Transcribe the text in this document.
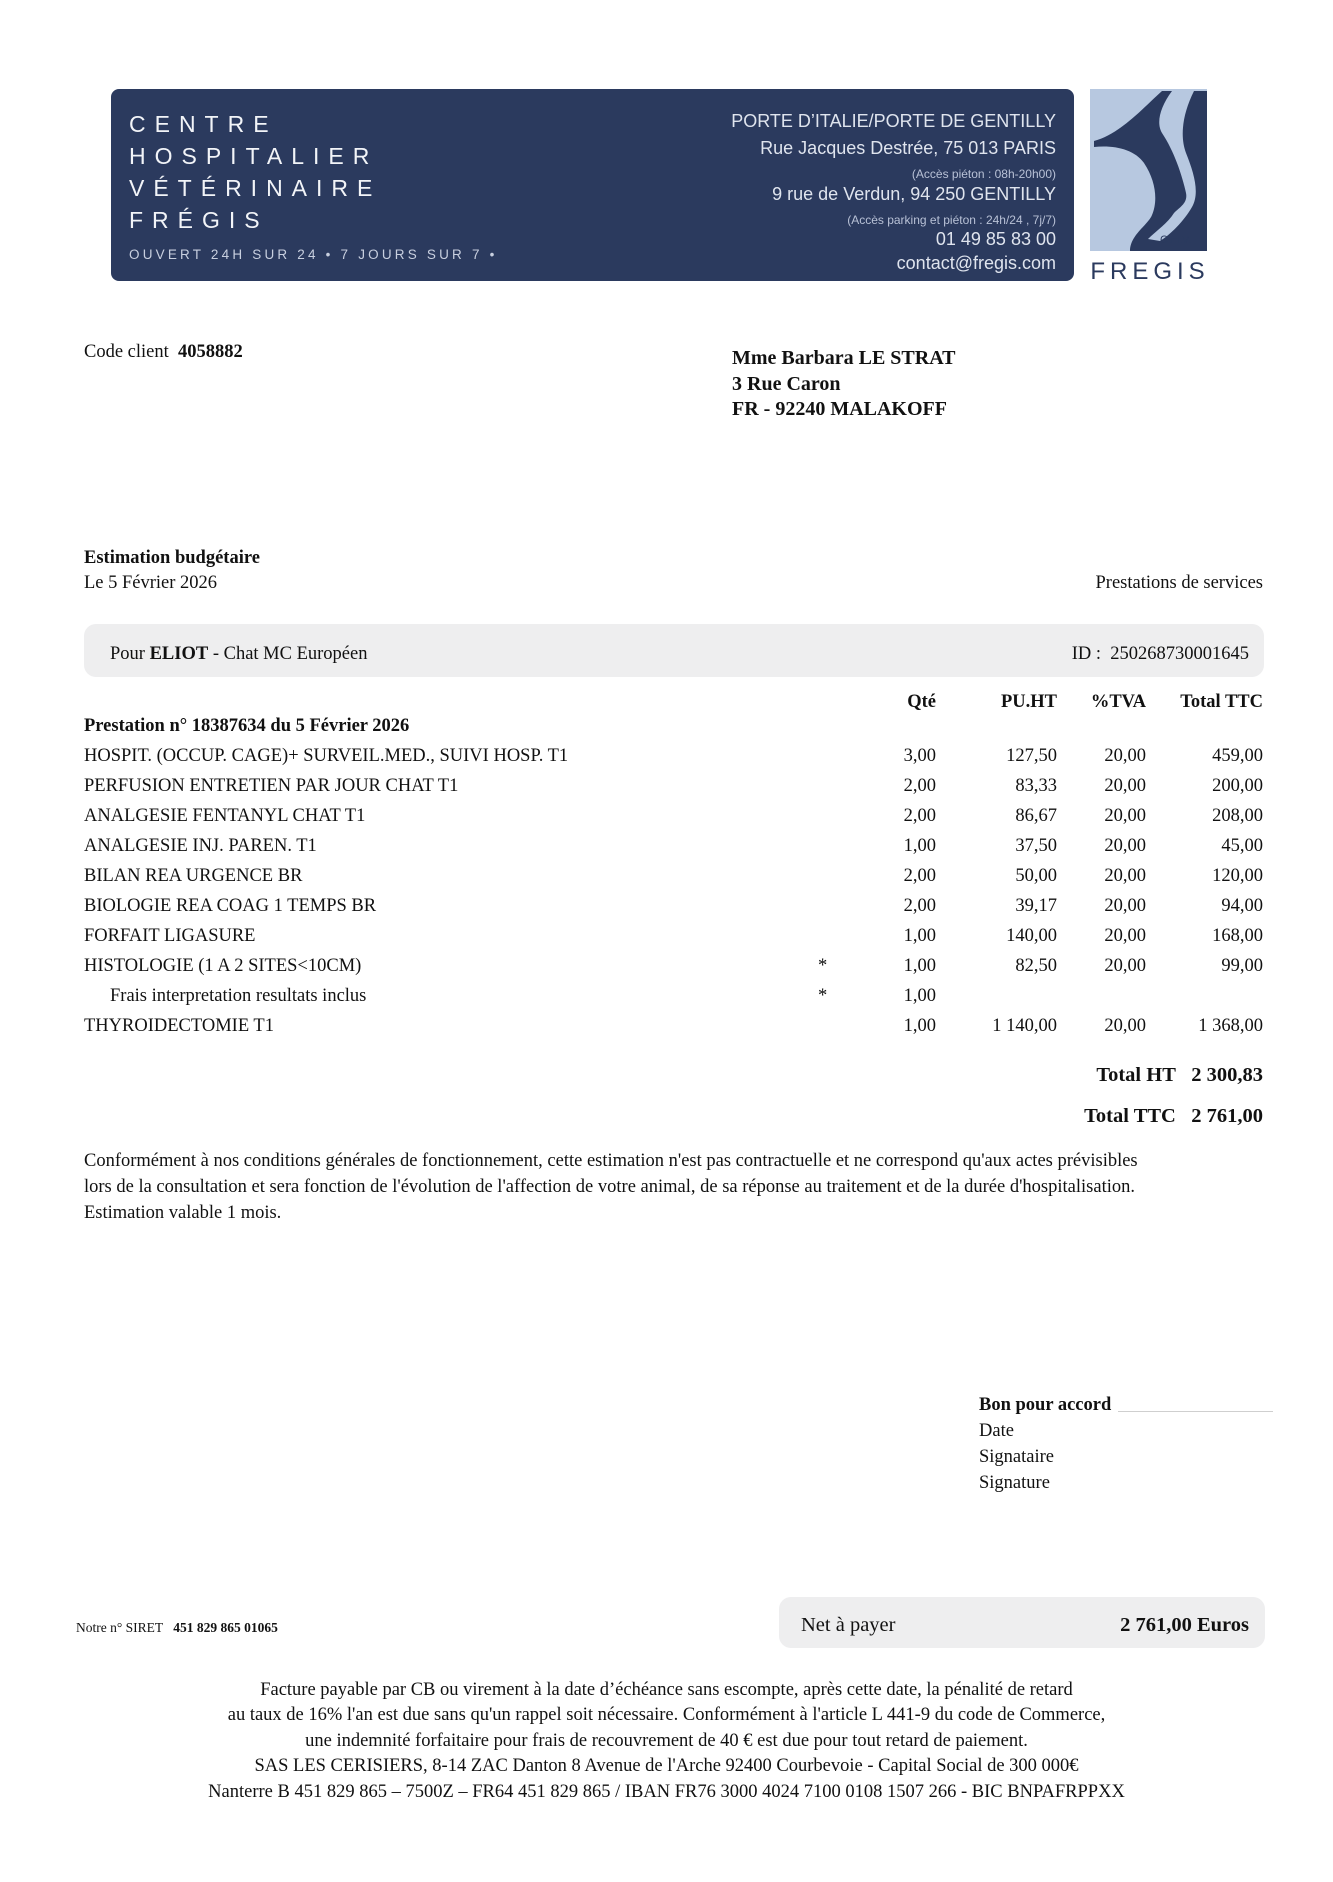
CENTRE
HOSPITALIER
VÉTÉRINAIRE
FRÉGIS
OUVERT 24H SUR 24 • 7 JOURS SUR 7 •
PORTE D’ITALIE/PORTE DE GENTILLY
Rue Jacques Destrée, 75 013 PARIS
(Accès piéton : 08h-20h00)
9 rue de Verdun, 94 250 GENTILLY
(Accès parking et piéton : 24h/24 , 7j/7)
01 49 85 83 00
contact@fregis.com
C.H.V.
FREGIS
Code client 4058882	Mme Barbara LE STRAT
3 Rue Caron
FR - 92240 MALAKOFF
Estimation budgétaire
Le 5 Février 2026	Prestations de services
Pour ELIOT - Chat MC Européen	ID : 250268730001645
Qté	PU.HT %TVA Total TTC
Prestation n° 18387634 du 5 Février 2026
HOSPIT. (OCCUP. CAGE)+ SURVEIL.MED., SUIVI HOSP. T1	3,00	127,50	20,00	459,00
PERFUSION ENTRETIEN PAR JOUR CHAT T1	2,00	83,33	20,00	200,00
ANALGESIE FENTANYL CHAT T1	2,00	86,67	20,00	208,00
ANALGESIE INJ. PAREN. T1	1,00	37,50	20,00	45,00
BILAN REA URGENCE BR	2,00	50,00	20,00	120,00
BIOLOGIE REA COAG 1 TEMPS BR	2,00	39,17	20,00	94,00
FORFAIT LIGASURE	1,00	140,00	20,00	168,00
HISTOLOGIE (1 A 2 SITES<10CM)	*	1,00	82,50	20,00	99,00
Frais interpretation resultats inclus	*	1,00
THYROIDECTOMIE T1	1,00	1 140,00	20,00	1 368,00
Total HT 2 300,83
Total TTC 2 761,00
Conformément à nos conditions générales de fonctionnement, cette estimation n'est pas contractuelle et ne correspond qu'aux actes prévisibles
lors de la consultation et sera fonction de l'évolution de l'affection de votre animal, de sa réponse au traitement et de la durée d'hospitalisation.
Estimation valable 1 mois.
Bon pour accord
Date
Signataire
Signature
Notre n° SIRET 451 829 865 01065	Net à payer	2 761,00 Euros
Facture payable par CB ou virement à la date d’échéance sans escompte, après cette date, la pénalité de retard
au taux de 16% l'an est due sans qu'un rappel soit nécessaire. Conformément à l'article L 441-9 du code de Commerce,
une indemnité forfaitaire pour frais de recouvrement de 40 € est due pour tout retard de paiement.
SAS LES CERISIERS, 8-14 ZAC Danton 8 Avenue de l'Arche 92400 Courbevoie - Capital Social de 300 000€
Nanterre B 451 829 865 – 7500Z – FR64 451 829 865 / IBAN FR76 3000 4024 7100 0108 1507 266 - BIC BNPAFRPPXX
